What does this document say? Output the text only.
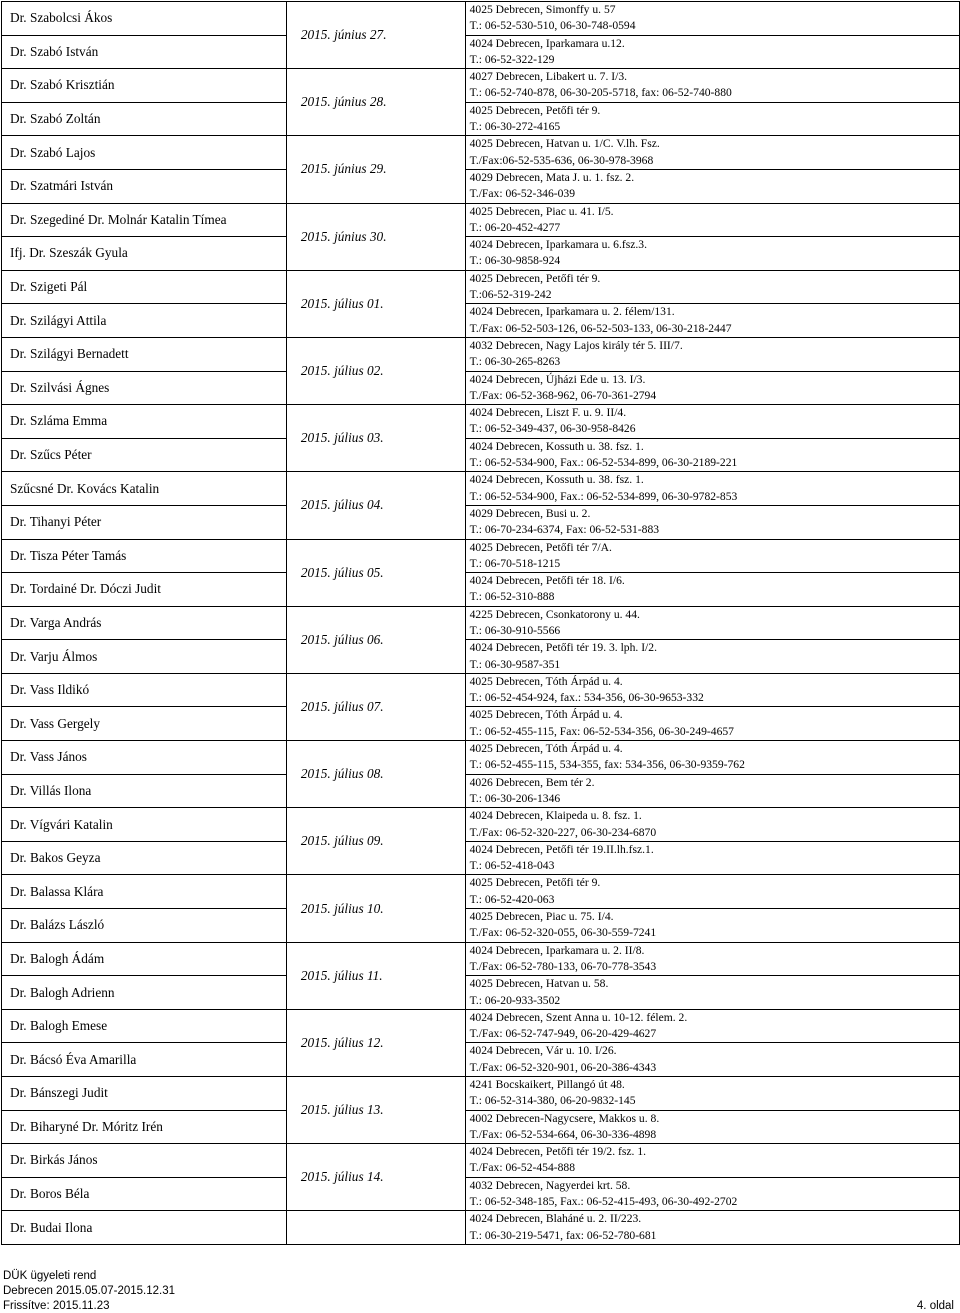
Dr. Szabolcsi Ákos	2015. június 27.	4025 Debrecen, Simonffy u. 57
T.: 06-52-530-510, 06-30-748-0594

Dr. Szabó István		4024 Debrecen, Iparkamara u.12.
T.: 06-52-322-129

Dr. Szabó Krisztián	2015. június 28.	4027 Debrecen, Libakert u. 7. I/3.
T.: 06-52-740-878, 06-30-205-5718, fax: 06-52-740-880

Dr. Szabó Zoltán		4025 Debrecen, Petőfi tér 9.
T.: 06-30-272-4165

Dr. Szabó Lajos	2015. június 29.	4025 Debrecen, Hatvan u. 1/C. V.lh. Fsz.
T./Fax:06-52-535-636, 06-30-978-3968

Dr. Szatmári István		4029 Debrecen, Mata J. u. 1. fsz. 2.
T./Fax: 06-52-346-039

Dr. Szegediné Dr. Molnár Katalin Tímea	2015. június 30.	4025 Debrecen, Piac u. 41. I/5.
T.: 06-20-452-4277

Ifj. Dr. Szeszák Gyula		4024 Debrecen, Iparkamara u. 6.fsz.3.
T.: 06-30-9858-924

Dr. Szigeti Pál	2015. július 01.	4025 Debrecen, Petőfi tér 9.
T.:06-52-319-242

Dr. Szilágyi Attila		4024 Debrecen, Iparkamara u. 2. félem/131.
T./Fax: 06-52-503-126, 06-52-503-133, 06-30-218-2447

Dr. Szilágyi Bernadett	2015. július 02.	4032 Debrecen, Nagy Lajos király tér 5. III/7.
T.: 06-30-265-8263

Dr. Szilvási Ágnes		4024 Debrecen, Újházi Ede u. 13. I/3.
T./Fax: 06-52-368-962, 06-70-361-2794

Dr. Szláma Emma	2015. július 03.	4024 Debrecen, Liszt F. u. 9. II/4.
T.: 06-52-349-437, 06-30-958-8426

Dr. Szűcs Péter		4024 Debrecen, Kossuth u. 38. fsz. 1.
T.: 06-52-534-900, Fax.: 06-52-534-899, 06-30-2189-221

Szűcsné Dr. Kovács Katalin	2015. július 04.	4024 Debrecen, Kossuth u. 38. fsz. 1.
T.: 06-52-534-900, Fax.: 06-52-534-899, 06-30-9782-853

Dr. Tihanyi Péter		4029 Debrecen, Busi u. 2.
T.: 06-70-234-6374, Fax: 06-52-531-883

Dr. Tisza Péter Tamás	2015. július 05.	4025 Debrecen, Petőfi tér 7/A.
T.: 06-70-518-1215

Dr. Tordainé Dr. Dóczi Judit		4024 Debrecen, Petőfi tér 18. I/6.
T.: 06-52-310-888

Dr. Varga András	2015. július 06.	4225 Debrecen, Csonkatorony u. 44.
T.: 06-30-910-5566

Dr. Varju Álmos		4024 Debrecen, Petőfi tér 19. 3. lph. I/2.
T.: 06-30-9587-351

Dr. Vass Ildikó	2015. július 07.	4025 Debrecen, Tóth Árpád u. 4.
T.: 06-52-454-924, fax.: 534-356, 06-30-9653-332

Dr. Vass Gergely		4025 Debrecen, Tóth Árpád u. 4.
T.: 06-52-455-115, Fax: 06-52-534-356, 06-30-249-4657

Dr. Vass János	2015. július 08.	4025 Debrecen, Tóth Árpád u. 4.
T.: 06-52-455-115, 534-355, fax: 534-356, 06-30-9359-762

Dr. Villás Ilona		4026 Debrecen, Bem tér 2.
T.: 06-30-206-1346

Dr. Vígvári Katalin	2015. július 09.	4024 Debrecen, Klaipeda u. 8. fsz. 1.
T./Fax: 06-52-320-227, 06-30-234-6870

Dr. Bakos Geyza		4024 Debrecen, Petőfi tér 19.II.lh.fsz.1.
T.: 06-52-418-043

Dr. Balassa Klára	2015. július 10.	4025 Debrecen, Petőfi tér 9.
T.: 06-52-420-063

Dr. Balázs László		4025 Debrecen, Piac u. 75. I/4.
T./Fax: 06-52-320-055, 06-30-559-7241

Dr. Balogh Ádám	2015. július 11.	4024 Debrecen, Iparkamara u. 2. II/8.
T./Fax: 06-52-780-133, 06-70-778-3543

Dr. Balogh Adrienn		4025 Debrecen, Hatvan u. 58.
T.: 06-20-933-3502

Dr. Balogh Emese	2015. július 12.	4024 Debrecen, Szent Anna u. 10-12. félem. 2.
T./Fax: 06-52-747-949, 06-20-429-4627

Dr. Bácsó Éva Amarilla		4024 Debrecen, Vár u. 10. I/26.
T./Fax: 06-52-320-901, 06-20-386-4343

Dr. Bánszegi Judit	2015. július 13.	4241 Bocskaikert, Pillangó út 48.
T.: 06-52-314-380, 06-20-9832-145

Dr. Biharyné Dr. Móritz Irén		4002 Debrecen-Nagycsere, Makkos u. 8.
T./Fax: 06-52-534-664, 06-30-336-4898

Dr. Birkás János	2015. július 14.	4024 Debrecen, Petőfi tér 19/2. fsz. 1.
T./Fax: 06-52-454-888

Dr. Boros Béla		4032 Debrecen, Nagyerdei krt. 58.
T.: 06-52-348-185, Fax.: 06-52-415-493, 06-30-492-2702

Dr. Budai Ilona		4024 Debrecen, Blaháné u. 2. II/223.
T.: 06-30-219-5471, fax: 06-52-780-681
DÜK ügyeleti rend
Debrecen 2015.05.07-2015.12.31
Frissítve: 2015.11.23	4. oldal
